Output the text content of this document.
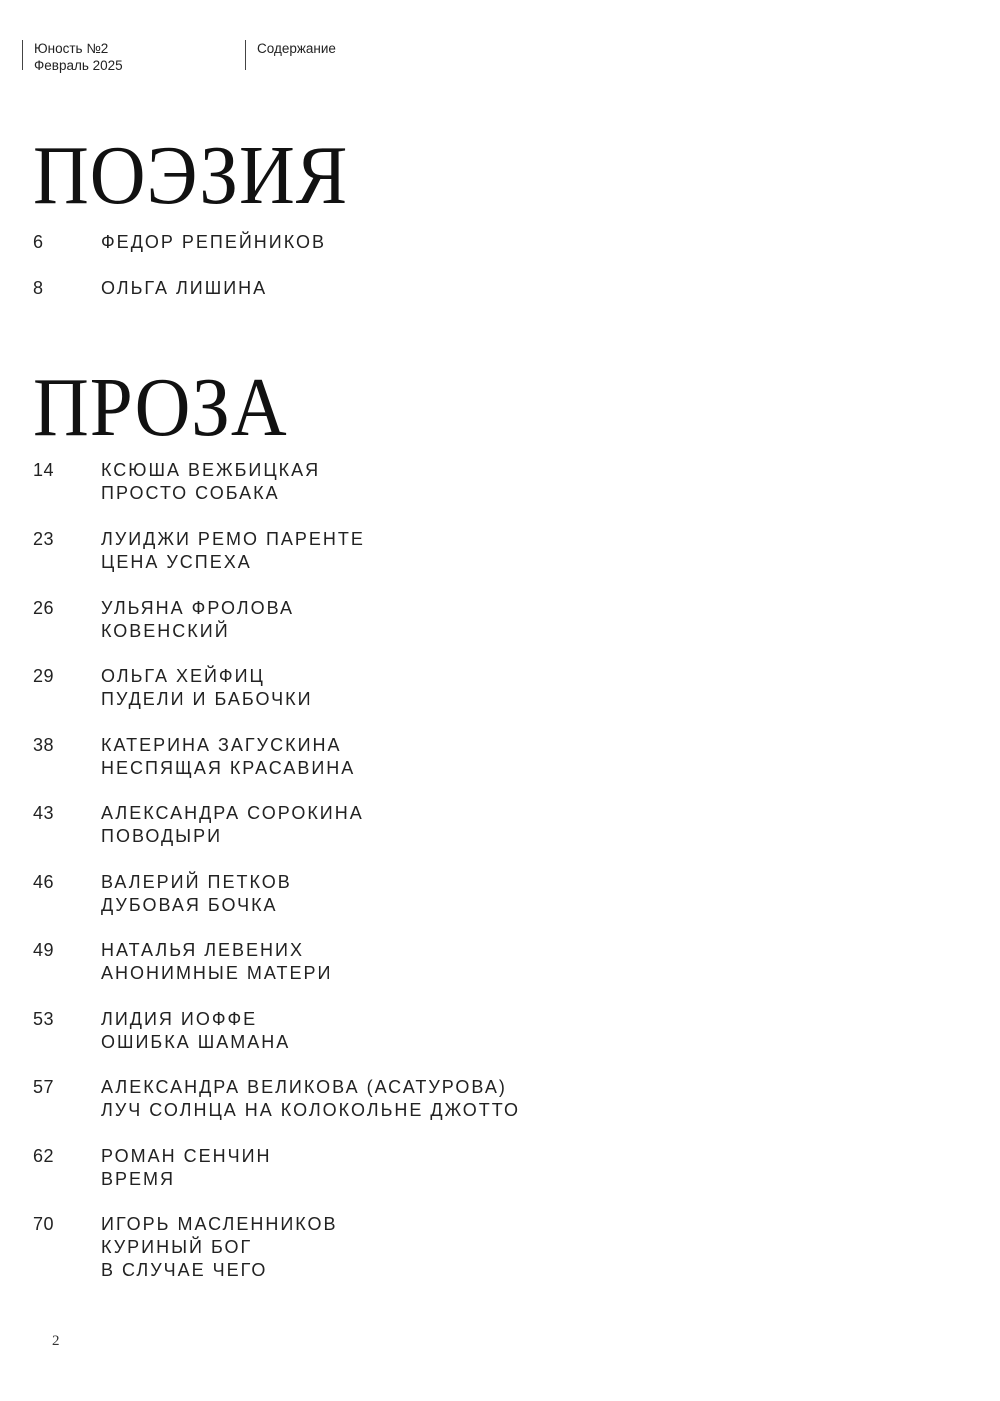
Юность №2
Февраль 2025
Содержание
ПОЭЗИЯ
6	ФЕДОР РЕПЕЙНИКОВ
8	ОЛЬГА ЛИШИНА
ПРОЗА
14	КСЮША ВЕЖБИЦКАЯ
ПРОСТО СОБАКА
23	ЛУИДЖИ РЕМО ПАРЕНТЕ
ЦЕНА УСПЕХА
26	УЛЬЯНА ФРОЛОВА
КОВЕНСКИЙ
29	ОЛЬГА ХЕЙФИЦ
ПУДЕЛИ И БАБОЧКИ
38	КАТЕРИНА ЗАГУСКИНА
НЕСПЯЩАЯ КРАСАВИНА
43	АЛЕКСАНДРА СОРОКИНА
ПОВОДЫРИ
46	ВАЛЕРИЙ ПЕТКОВ
ДУБОВАЯ БОЧКА
49	НАТАЛЬЯ ЛЕВЕНИХ
АНОНИМНЫЕ МАТЕРИ
53	ЛИДИЯ ИОФФЕ
ОШИБКА ШАМАНА
57	АЛЕКСАНДРА ВЕЛИКОВА (АСАТУРОВА)
ЛУЧ СОЛНЦА НА КОЛОКОЛЬНЕ ДЖОТТО
62	РОМАН СЕНЧИН
ВРЕМЯ
70	ИГОРЬ МАСЛЕННИКОВ
КУРИНЫЙ БОГ
В СЛУЧАЕ ЧЕГО
2
